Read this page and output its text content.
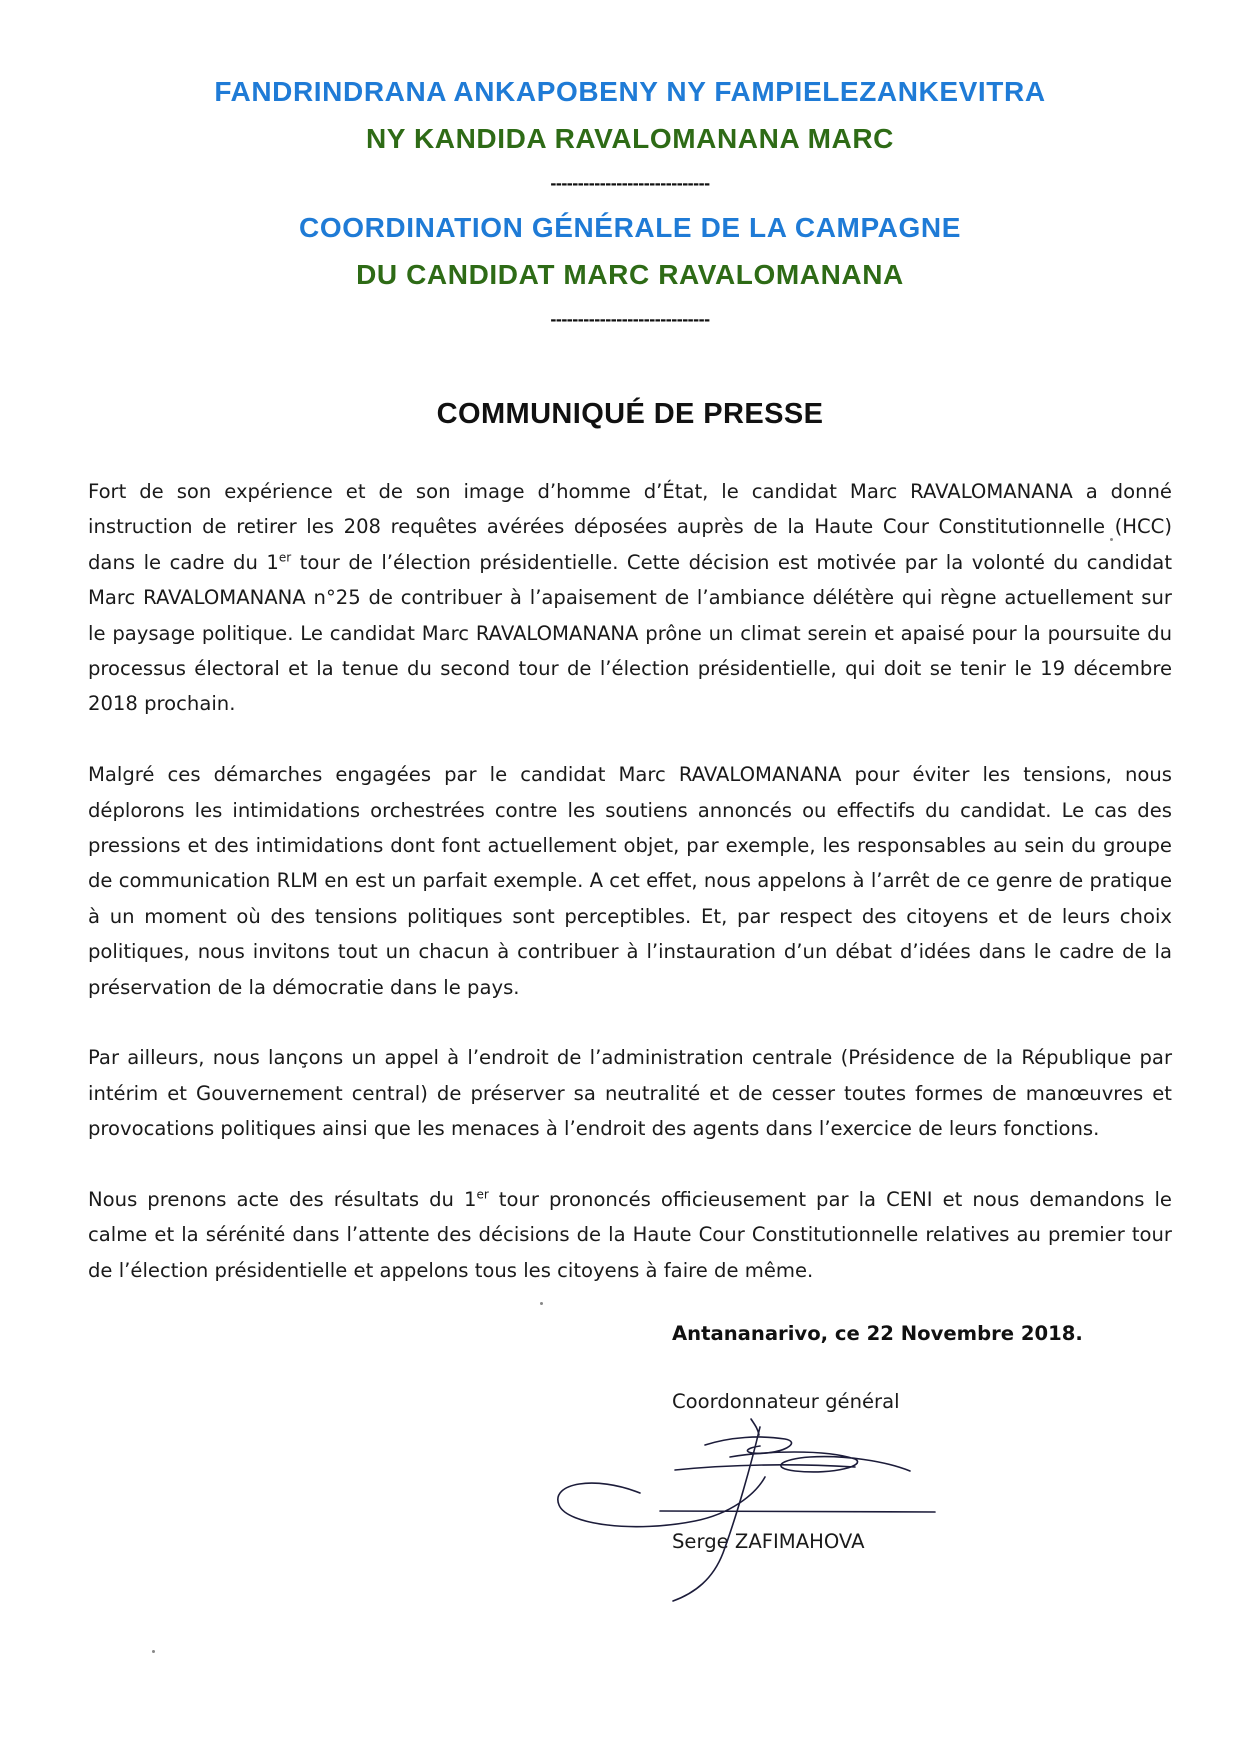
FANDRINDRANA ANKAPOBENY NY FAMPIELEZANKEVITRA
NY KANDIDA RAVALOMANANA MARC
-----------------------------
COORDINATION GÉNÉRALE DE LA CAMPAGNE
DU CANDIDAT MARC RAVALOMANANA
-----------------------------
COMMUNIQUÉ DE PRESSE

Fort de son expérience et de son image d’homme d’État, le candidat Marc RAVALOMANANA a donné instruction de retirer les 208 requêtes avérées déposées auprès de la Haute Cour Constitutionnelle (HCC) dans le cadre du 1er tour de l’élection présidentielle. Cette décision est motivée par la volonté du candidat Marc RAVALOMANANA n°25 de contribuer à l’apaisement de l’ambiance délétère qui règne actuellement sur le paysage politique. Le candidat Marc RAVALOMANANA prône un climat serein et apaisé pour la poursuite du processus électoral et la tenue du second tour de l’élection présidentielle, qui doit se tenir le 19 décembre 2018 prochain.

Malgré ces démarches engagées par le candidat Marc RAVALOMANANA pour éviter les tensions, nous déplorons les intimidations orchestrées contre les soutiens annoncés ou effectifs du candidat. Le cas des pressions et des intimidations dont font actuellement objet, par exemple, les responsables au sein du groupe de communication RLM en est un parfait exemple. A cet effet, nous appelons à l’arrêt de ce genre de pratique à un moment où des tensions politiques sont perceptibles. Et, par respect des citoyens et de leurs choix politiques, nous invitons tout un chacun à contribuer à l’instauration d’un débat d’idées dans le cadre de la préservation de la démocratie dans le pays.

Par ailleurs, nous lançons un appel à l’endroit de l’administration centrale (Présidence de la République par intérim et Gouvernement central) de préserver sa neutralité et de cesser toutes formes de manœuvres et provocations politiques ainsi que les menaces à l’endroit des agents dans l’exercice de leurs fonctions.

Nous prenons acte des résultats du 1er tour prononcés officieusement par la CENI et nous demandons le calme et la sérénité dans l’attente des décisions de la Haute Cour Constitutionnelle relatives au premier tour de l’élection présidentielle et appelons tous les citoyens à faire de même.

Antananarivo, ce 22 Novembre 2018.
Coordonnateur général
Serge ZAFIMAHOVA
